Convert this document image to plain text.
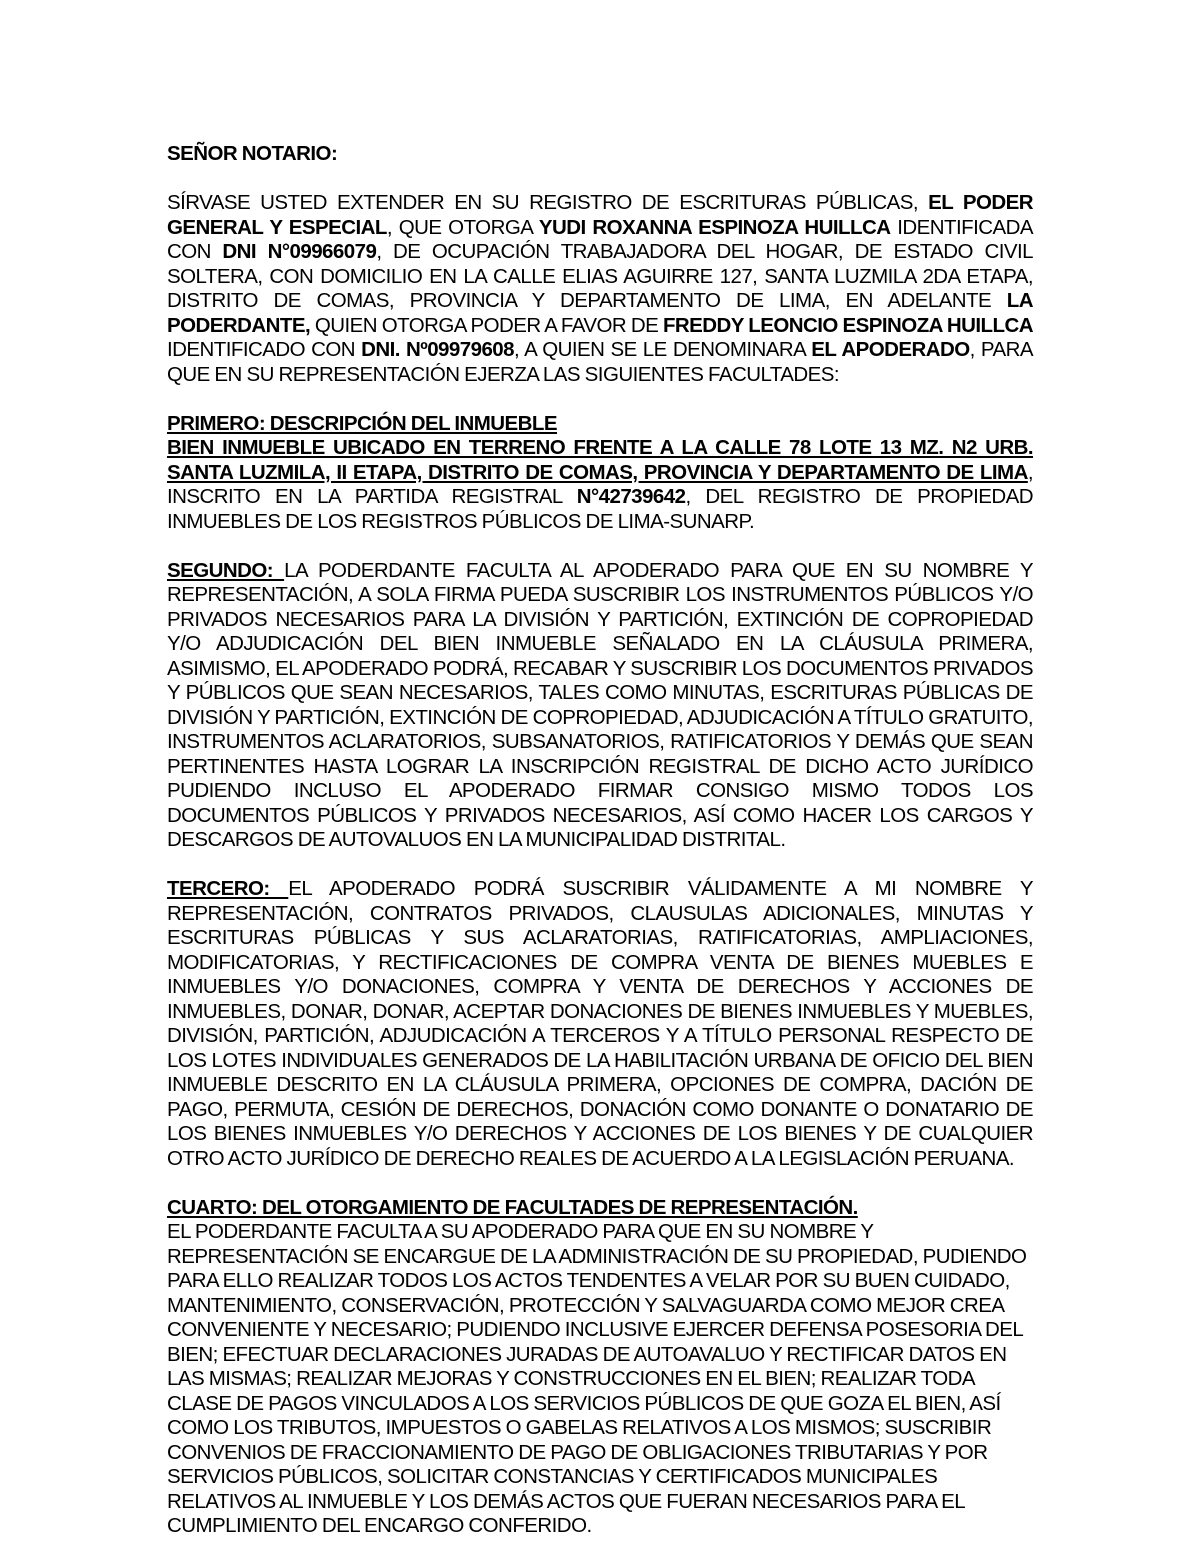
SEÑOR NOTARIO:

SÍRVASE USTED EXTENDER EN SU REGISTRO DE ESCRITURAS PÚBLICAS, EL PODER GENERAL Y ESPECIAL, QUE OTORGA YUDI ROXANNA ESPINOZA HUILLCA IDENTIFICADA CON DNI N°09966079, DE OCUPACIÓN TRABAJADORA DEL HOGAR, DE ESTADO CIVIL SOLTERA, CON DOMICILIO EN LA CALLE ELIAS AGUIRRE 127, SANTA LUZMILA 2DA ETAPA, DISTRITO DE COMAS, PROVINCIA Y DEPARTAMENTO DE LIMA, EN ADELANTE LA PODERDANTE, QUIEN OTORGA PODER A FAVOR DE FREDDY LEONCIO ESPINOZA HUILLCA IDENTIFICADO CON DNI. Nº09979608, A QUIEN SE LE DENOMINARA EL APODERADO, PARA QUE EN SU REPRESENTACIÓN EJERZA LAS SIGUIENTES FACULTADES:

PRIMERO: DESCRIPCIÓN DEL INMUEBLE
BIEN INMUEBLE UBICADO EN TERRENO FRENTE A LA CALLE 78 LOTE 13 MZ. N2 URB. SANTA LUZMILA, II ETAPA, DISTRITO DE COMAS, PROVINCIA Y DEPARTAMENTO DE LIMA, INSCRITO EN LA PARTIDA REGISTRAL N°42739642, DEL REGISTRO DE PROPIEDAD INMUEBLES DE LOS REGISTROS PÚBLICOS DE LIMA-SUNARP.

SEGUNDO: LA PODERDANTE FACULTA AL APODERADO PARA QUE EN SU NOMBRE Y REPRESENTACIÓN, A SOLA FIRMA PUEDA SUSCRIBIR LOS INSTRUMENTOS PÚBLICOS Y/O PRIVADOS NECESARIOS PARA LA DIVISIÓN Y PARTICIÓN, EXTINCIÓN DE COPROPIEDAD Y/O ADJUDICACIÓN DEL BIEN INMUEBLE SEÑALADO EN LA CLÁUSULA PRIMERA, ASIMISMO, EL APODERADO PODRÁ, RECABAR Y SUSCRIBIR LOS DOCUMENTOS PRIVADOS Y PÚBLICOS QUE SEAN NECESARIOS, TALES COMO MINUTAS, ESCRITURAS PÚBLICAS DE DIVISIÓN Y PARTICIÓN, EXTINCIÓN DE COPROPIEDAD, ADJUDICACIÓN A TÍTULO GRATUITO, INSTRUMENTOS ACLARATORIOS, SUBSANATORIOS, RATIFICATORIOS Y DEMÁS QUE SEAN PERTINENTES HASTA LOGRAR LA INSCRIPCIÓN REGISTRAL DE DICHO ACTO JURÍDICO PUDIENDO INCLUSO EL APODERADO FIRMAR CONSIGO MISMO TODOS LOS DOCUMENTOS PÚBLICOS Y PRIVADOS NECESARIOS, ASÍ COMO HACER LOS CARGOS Y DESCARGOS DE AUTOVALUOS EN LA MUNICIPALIDAD DISTRITAL.

TERCERO: EL APODERADO PODRÁ SUSCRIBIR VÁLIDAMENTE A MI NOMBRE Y REPRESENTACIÓN, CONTRATOS PRIVADOS, CLAUSULAS ADICIONALES, MINUTAS Y ESCRITURAS PÚBLICAS Y SUS ACLARATORIAS, RATIFICATORIAS, AMPLIACIONES, MODIFICATORIAS, Y RECTIFICACIONES DE COMPRA VENTA DE BIENES MUEBLES E INMUEBLES Y/O DONACIONES, COMPRA Y VENTA DE DERECHOS Y ACCIONES DE INMUEBLES, DONAR, DONAR, ACEPTAR DONACIONES DE BIENES INMUEBLES Y MUEBLES, DIVISIÓN, PARTICIÓN, ADJUDICACIÓN A TERCEROS Y A TÍTULO PERSONAL RESPECTO DE LOS LOTES INDIVIDUALES GENERADOS DE LA HABILITACIÓN URBANA DE OFICIO DEL BIEN INMUEBLE DESCRITO EN LA CLÁUSULA PRIMERA, OPCIONES DE COMPRA, DACIÓN DE PAGO, PERMUTA, CESIÓN DE DERECHOS, DONACIÓN COMO DONANTE O DONATARIO DE LOS BIENES INMUEBLES Y/O DERECHOS Y ACCIONES DE LOS BIENES Y DE CUALQUIER OTRO ACTO JURÍDICO DE DERECHO REALES DE ACUERDO A LA LEGISLACIÓN PERUANA.

CUARTO: DEL OTORGAMIENTO DE FACULTADES DE REPRESENTACIÓN.
EL PODERDANTE FACULTA A SU APODERADO PARA QUE EN SU NOMBRE Y REPRESENTACIÓN SE ENCARGUE DE LA ADMINISTRACIÓN DE SU PROPIEDAD, PUDIENDO PARA ELLO REALIZAR TODOS LOS ACTOS TENDENTES A VELAR POR SU BUEN CUIDADO, MANTENIMIENTO, CONSERVACIÓN, PROTECCIÓN Y SALVAGUARDA COMO MEJOR CREA CONVENIENTE Y NECESARIO; PUDIENDO INCLUSIVE EJERCER DEFENSA POSESORIA DEL BIEN; EFECTUAR DECLARACIONES JURADAS DE AUTOAVALUO Y RECTIFICAR DATOS EN LAS MISMAS; REALIZAR MEJORAS Y CONSTRUCCIONES EN EL BIEN; REALIZAR TODA CLASE DE PAGOS VINCULADOS A LOS SERVICIOS PÚBLICOS DE QUE GOZA EL BIEN, ASÍ COMO LOS TRIBUTOS, IMPUESTOS O GABELAS RELATIVOS A LOS MISMOS; SUSCRIBIR CONVENIOS DE FRACCIONAMIENTO DE PAGO DE OBLIGACIONES TRIBUTARIAS Y POR SERVICIOS PÚBLICOS, SOLICITAR CONSTANCIAS Y CERTIFICADOS MUNICIPALES RELATIVOS AL INMUEBLE Y LOS DEMÁS ACTOS QUE FUERAN NECESARIOS PARA EL CUMPLIMIENTO DEL ENCARGO CONFERIDO.
